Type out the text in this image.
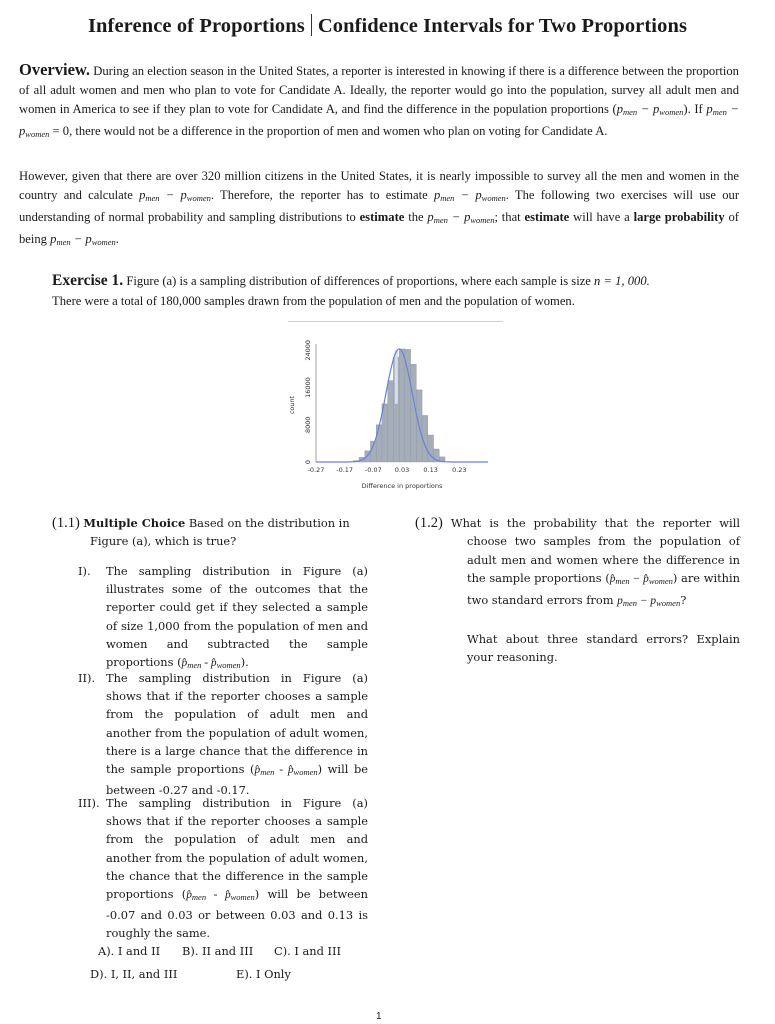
Inference of Proportions Confidence Intervals for Two Proportions
Overview. During an election season in the United States, a reporter is interested in knowing if there is a difference between the proportion of all adult women and men who plan to vote for Candidate A. Ideally, the reporter would go into the population, survey all adult men and women in America to see if they plan to vote for Candidate A, and find the difference in the population proportions $(p_{men} - p_{women})$. If $p_{men} - p_{women} = 0$, there would not be a difference in the proportion of men and women who plan on voting for Candidate A.
However, given that there are over 320 million citizens in the United States, it is nearly impossible to survey all the men and women in the country and calculate $p_{men} - p_{women}$. Therefore, the reporter has to estimate $p_{men} - p_{women}$. The following two exercises will use our understanding of normal probability and sampling distributions to estimate the $p_{men} - p_{women}$; that estimate will have a large probability of being $p_{men} - p_{women}$.
Exercise 1. Figure (a) is a sampling distribution of differences of proportions, where each sample is size n = 1, 000.
There were a total of 180,000 samples drawn from the population of men and the population of women.
-0.27 -0.17 -0.07 0.03 0.13 0.23
0
8000
16000
24000
count
Difference in proportions
(1.1) Multiple Choice Based on the distribution in Figure (a), which is true?
I). The sampling distribution in Figure (a) illustrates some of the outcomes that the reporter could get if they selected a sample of size 1,000 from the population of men and women and subtracted the sample proportions ($p̂_{men}$ - $p̂_{women}$).
II). The sampling distribution in Figure (a) shows that if the reporter chooses a sample from the population of adult men and another from the population of adult women, there is a large chance that the difference in the sample proportions ($p̂_{men}$ - $p̂_{women}$) will be between -0.27 and -0.17.
III). The sampling distribution in Figure (a) shows that if the reporter chooses a sample from the population of adult men and another from the population of adult women, the chance that the difference in the sample proportions ($p̂_{men}$ - $p̂_{women}$) will be between -0.07 and 0.03 or between 0.03 and 0.13 is roughly the same.
A). I and II B). II and III C). I and III
D). I, II, and III	E). I Only
(1.2) What is the probability that the reporter will choose two samples from the population of adult men and women where the difference in the sample proportions ($p̂_{men}$ − $p̂_{women}$) are within two standard errors from $p_{men} - p_{women}$?
What about three standard errors? Explain your reasoning.
1
